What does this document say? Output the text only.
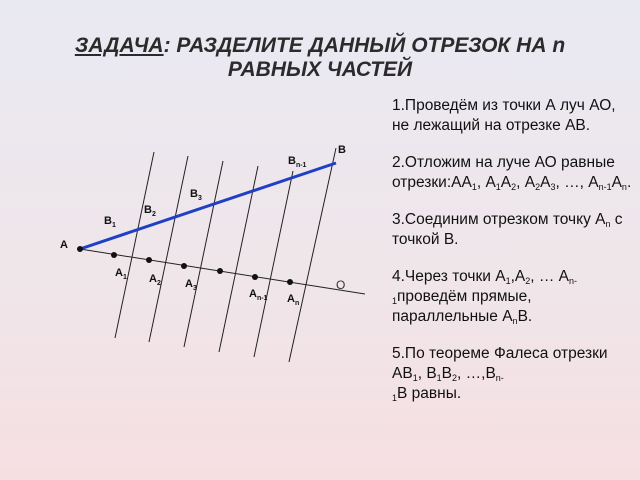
ЗАДАЧА: РАЗДЕЛИТЕ ДАННЫЙ ОТРЕЗОК НА n
РАВНЫХ ЧАСТЕЙ
A
B
O
$B_1$
$B_2$
$B_3$
$B_{n-1}$
$A_1$ $A_2$ $A_3$	$A_{n-1}$ $A_n$

1.Проведём из точки А луч АО, не лежащий на отрезке АВ.

2.Отложим на луче АО равные $отрезки:АА_1$, $А_1А_2$, $А_2А_3$, …, $А_{n-1}А_n$.

3.Соединим отрезком точку $А_n$ с точкой В.

4.Через точки $А_1,А_2$, … $А_{n-1}проведём$ прямые, параллельные $А_nВ$.

5.По теореме Фалеса отрезки $АВ_1$, $В_1В_2$, $\dots,В_{n-}$
$_1$В равны.
